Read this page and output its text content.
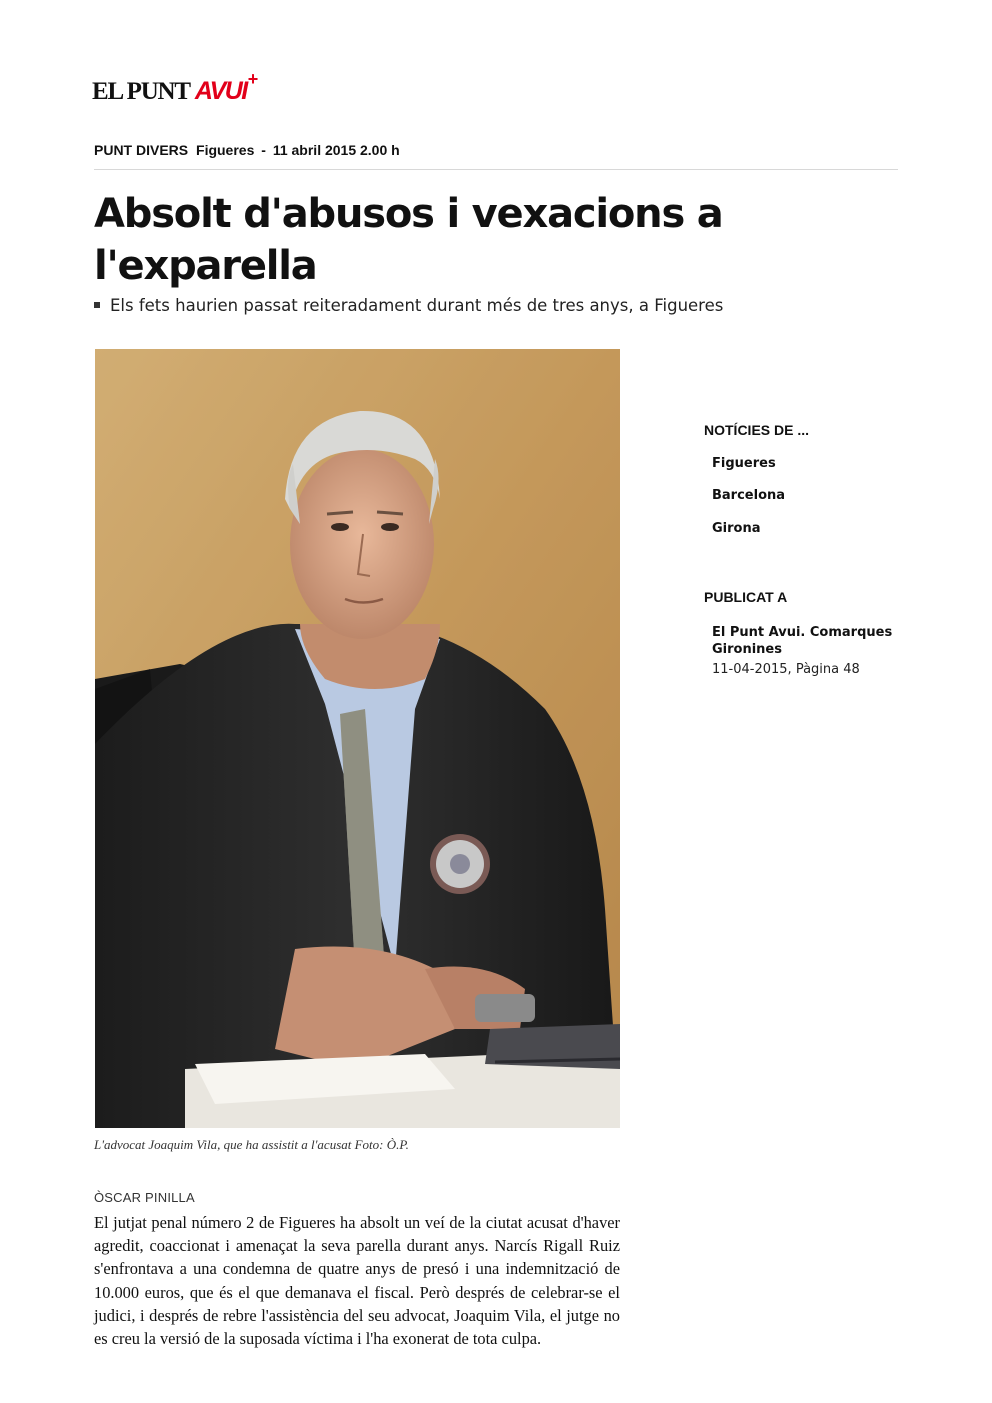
EL PUNT AVUI +
PUNT DIVERS Figueres - 11 abril 2015 2.00 h
Absolt d'abusos i vexacions a l'exparella
Els fets haurien passat reiteradament durant més de tres anys, a Figueres
L'advocat Joaquim Vila, que ha assistit a l'acusat Foto: Ò.P.
ÒSCAR PINILLA

El jutjat penal número 2 de Figueres ha absolt un veí de la ciutat acusat d'haver agredit, coaccionat i amenaçat la seva parella durant anys. Narcís Rigall Ruiz s'enfrontava a una condemna de quatre anys de presó i una indemnització de 10.000 euros, que és el que demanava el fiscal. Però després de celebrar-se el judici, i després de rebre l'assistència del seu advocat, Joaquim Vila, el jutge no es creu la versió de la suposada víctima i l'ha exonerat de tota culpa.

NOTÍCIES DE ...
Figueres
Barcelona
Girona
PUBLICAT A
El Punt Avui. Comarques Gironines
11-04-2015, Pàgina 48
